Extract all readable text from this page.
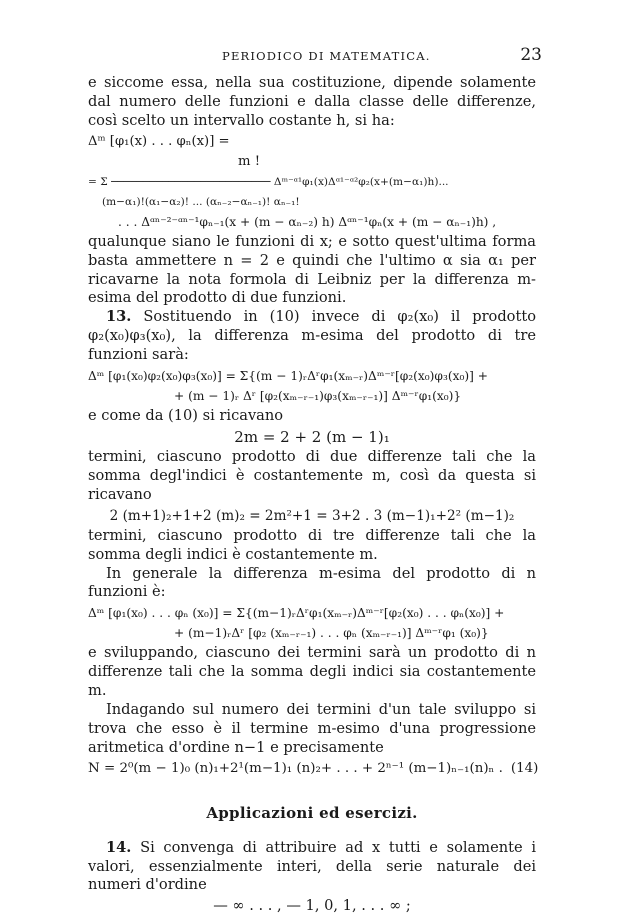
PERIODICO DI MATEMATICA.	23

e siccome essa, nella sua costituzione, dipende solamente dal numero delle funzioni e dalla classe delle differenze, così scelto un intervallo costante h, si ha:

Δᵐ [φ₁(x) . . . φₙ(x)] =
m !
= Σ ───────────────────────── Δᵐ⁻ᵅ¹φ₁(x)Δᵅ¹⁻ᵅ²φ₂(x+(m−α₁)h)...
(m−α₁)!(α₁−α₂)! ... (αₙ₋₂−αₙ₋₁)! αₙ₋₁!
. . . Δᵅⁿ⁻²⁻ᵅⁿ⁻¹φₙ₋₁(x + (m − αₙ₋₂) h) Δᵅⁿ⁻¹φₙ(x + (m − αₙ₋₁)h) ,

qualunque siano le funzioni di x; e sotto quest'ultima forma basta ammettere n = 2 e quindi che l'ultimo α sia α₁ per ricavarne la nota formola di Leibniz per la differenza m-esima del prodotto di due funzioni.

13. Sostituendo in (10) invece di φ₂(x₀) il prodotto φ₂(x₀)φ₃(x₀), la differenza m-esima del prodotto di tre funzioni sarà:

Δᵐ [φ₁(x₀)φ₂(x₀)φ₃(x₀)] = Σ{(m − 1)ᵣΔʳφ₁(xₘ₋ᵣ)Δᵐ⁻ʳ[φ₂(x₀)φ₃(x₀)] +
+ (m − 1)ᵣ Δʳ [φ₂(xₘ₋ᵣ₋₁)φ₃(xₘ₋ᵣ₋₁)] Δᵐ⁻ʳφ₁(x₀)}

e come da (10) si ricavano

2m = 2 + 2 (m − 1)₁

termini, ciascuno prodotto di due differenze tali che la somma degl'indici è costantemente m, così da questa si ricavano

2 (m+1)₂+1+2 (m)₂ = 2m²+1 = 3+2 . 3 (m−1)₁+2² (m−1)₂

termini, ciascuno prodotto di tre differenze tali che la somma degli indici è costantemente m.

In generale la differenza m-esima del prodotto di n funzioni è:

Δᵐ [φ₁(x₀) . . . φₙ (x₀)] = Σ{(m−1)ᵣΔʳφ₁(xₘ₋ᵣ)Δᵐ⁻ʳ[φ₂(x₀) . . . φₙ(x₀)] +
+ (m−1)ᵣΔʳ [φ₂ (xₘ₋ᵣ₋₁) . . . φₙ (xₘ₋ᵣ₋₁)] Δᵐ⁻ʳφ₁ (x₀)}

e sviluppando, ciascuno dei termini sarà un prodotto di n differenze tali che la somma degli indici sia costantemente m.

Indagando sul numero dei termini d'un tale sviluppo si trova che esso è il termine m-esimo d'una progressione aritmetica d'ordine n−1 e precisamente

N = 2⁰(m − 1)₀ (n)₁+2¹(m−1)₁ (n)₂+ . . . + 2ⁿ⁻¹ (m−1)ₙ₋₁(n)ₙ . (14)
Applicazioni ed esercizi.

14. Si convenga di attribuire ad x tutti e solamente i valori, essenzialmente interi, della serie naturale dei numeri d'ordine

— ∞ . . . , — 1, 0, 1, . . . ∞ ;
